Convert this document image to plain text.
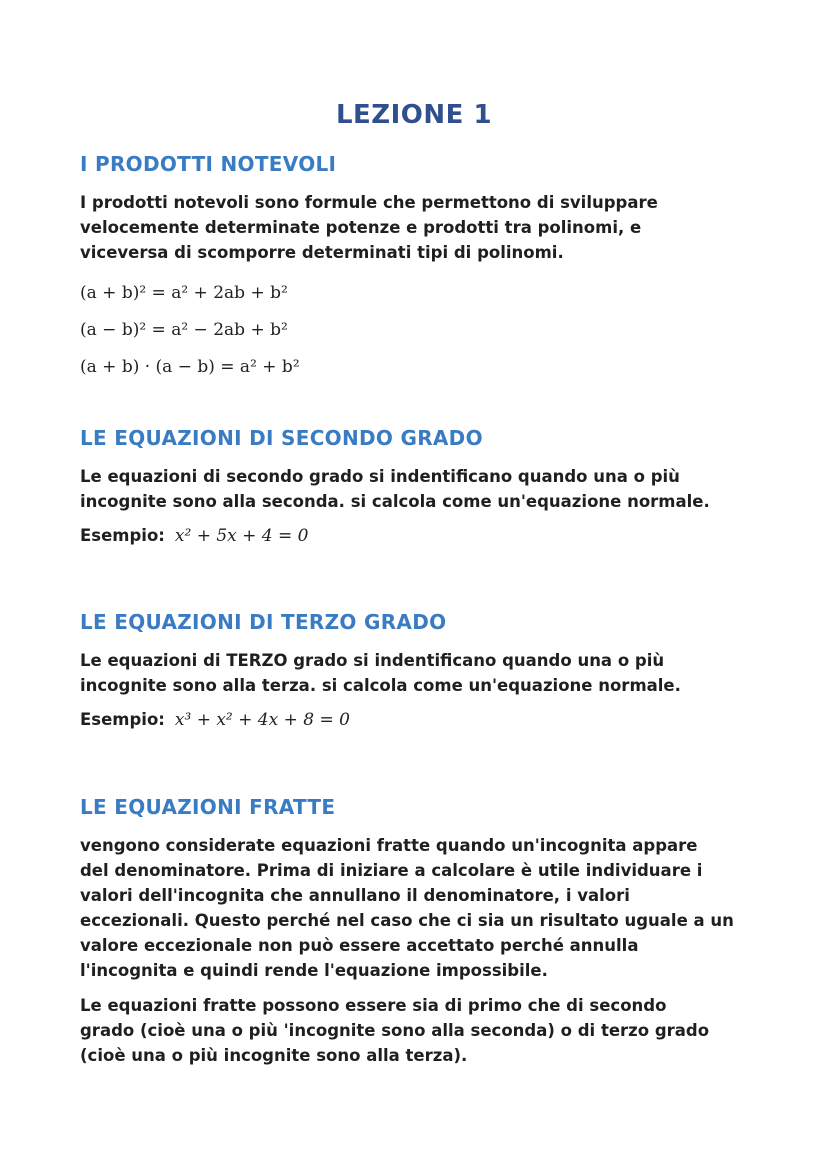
LEZIONE 1
I PRODOTTI NOTEVOLI

I prodotti notevoli sono formule che permettono di sviluppare

velocemente determinate potenze e prodotti tra polinomi, e

viceversa di scomporre determinati tipi di polinomi.

(a + b)² = a² + 2ab + b²

(a − b)² = a² − 2ab + b²

(a + b) · (a − b) = a² + b²

LE EQUAZIONI DI SECONDO GRADO

Le equazioni di secondo grado si indentificano quando una o più

incognite sono alla seconda. si calcola come un'equazione normale.

Esempio: x² + 5x + 4 = 0
LE EQUAZIONI DI TERZO GRADO

Le equazioni di TERZO grado si indentificano quando una o più

incognite sono alla terza. si calcola come un'equazione normale.

Esempio: x³ + x² + 4x + 8 = 0
LE EQUAZIONI FRATTE

vengono considerate equazioni fratte quando un'incognita appare

del denominatore. Prima di iniziare a calcolare è utile individuare i

valori dell'incognita che annullano il denominatore, i valori

eccezionali. Questo perché nel caso che ci sia un risultato uguale a un

valore eccezionale non può essere accettato perché annulla

l'incognita e quindi rende l'equazione impossibile.

Le equazioni fratte possono essere sia di primo che di secondo

grado (cioè una o più 'incognite sono alla seconda) o di terzo grado

(cioè una o più incognite sono alla terza).
